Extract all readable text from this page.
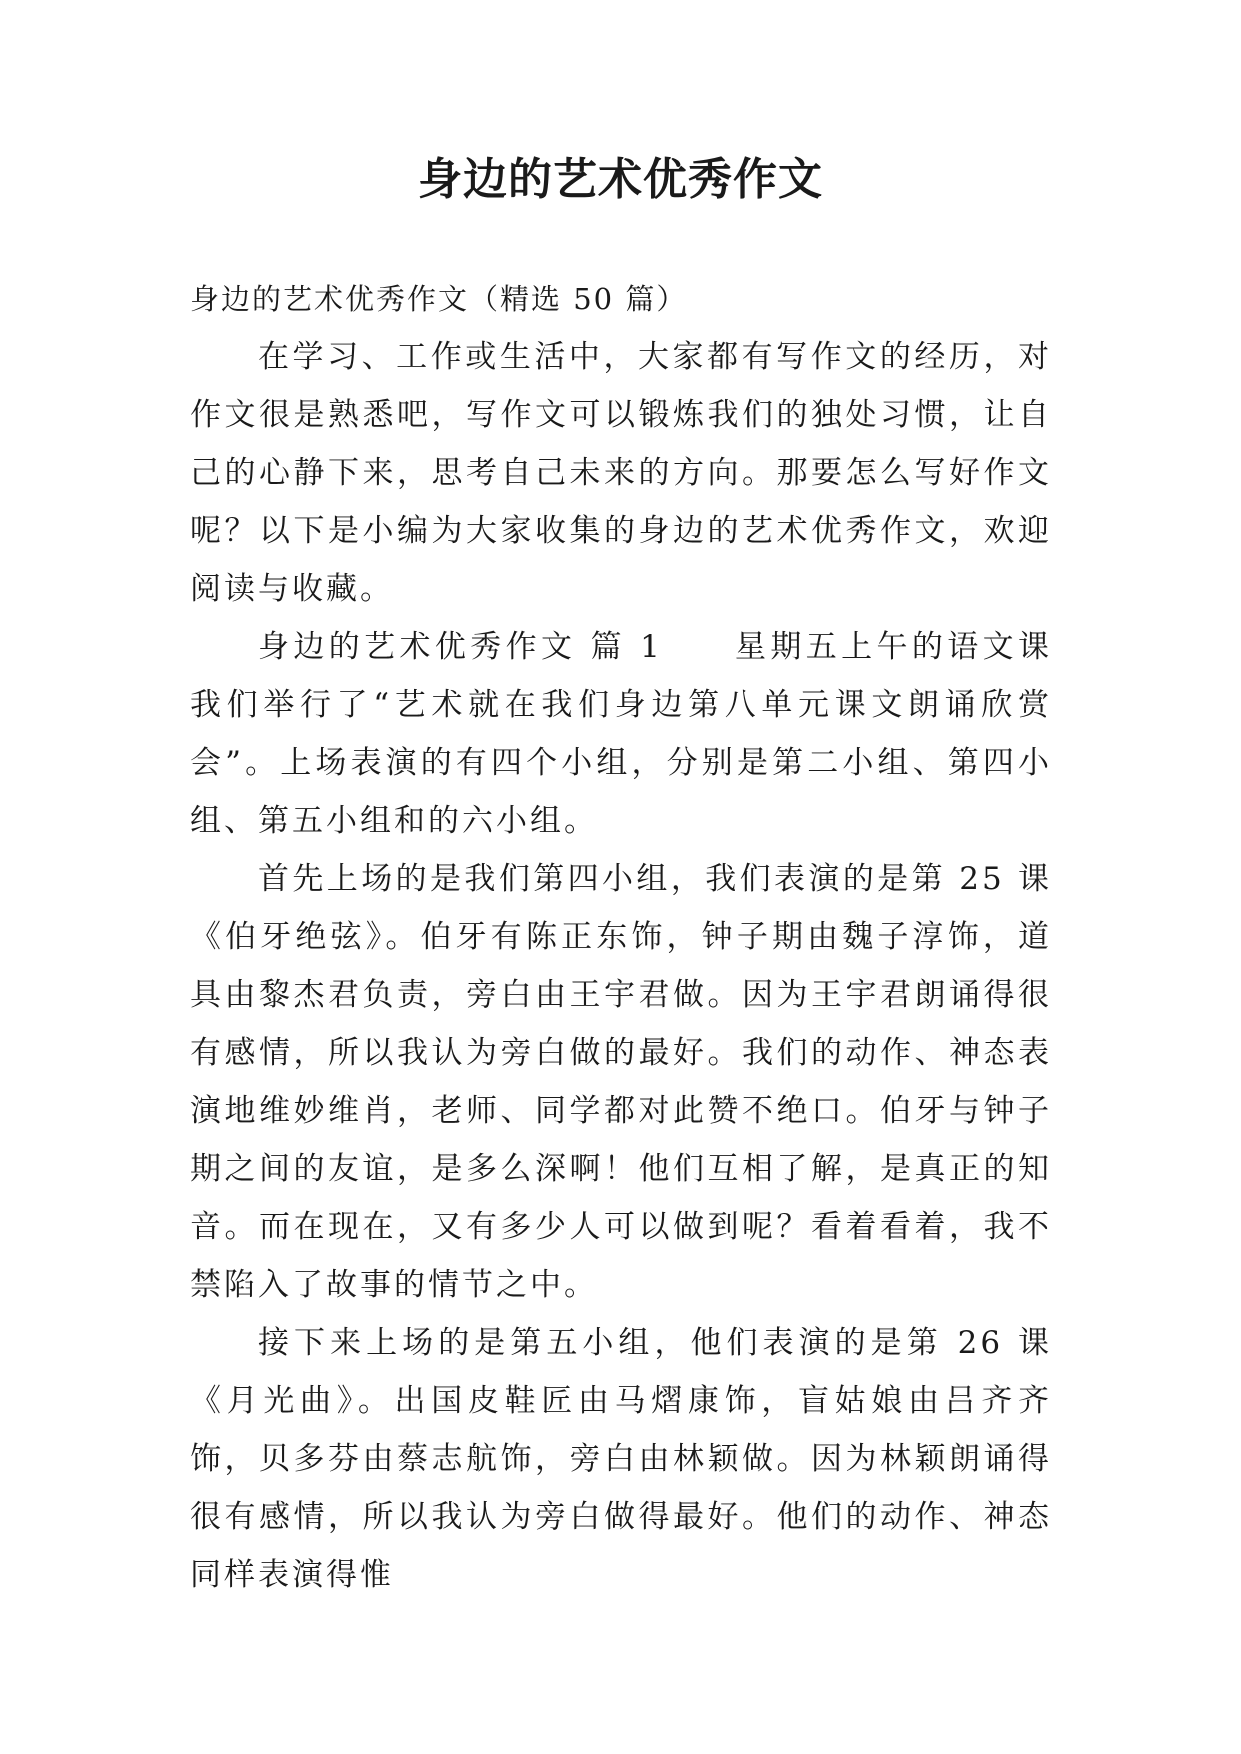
身边的艺术优秀作文

身边的艺术优秀作文（精选 50 篇）

在学习、工作或生活中，大家都有写作文的经历，对作文很是熟悉吧，写作文可以锻炼我们的独处习惯，让自己的心静下来，思考自己未来的方向。那要怎么写好作文呢？以下是小编为大家收集的身边的艺术优秀作文，欢迎阅读与收藏。

身边的艺术优秀作文 篇 1　　星期五上午的语文课我们举行了“艺术就在我们身边第八单元课文朗诵欣赏会”。上场表演的有四个小组，分别是第二小组、第四小组、第五小组和的六小组。

首先上场的是我们第四小组，我们表演的是第 25 课《伯牙绝弦》。伯牙有陈正东饰，钟子期由魏子淳饰，道具由黎杰君负责，旁白由王宇君做。因为王宇君朗诵得很有感情，所以我认为旁白做的最好。我们的动作、神态表演地维妙维肖，老师、同学都对此赞不绝口。伯牙与钟子期之间的友谊，是多么深啊！他们互相了解，是真正的知音。而在现在，又有多少人可以做到呢？看着看着，我不禁陷入了故事的情节之中。

接下来上场的是第五小组，他们表演的是第 26 课《月光曲》。出国皮鞋匠由马熠康饰，盲姑娘由吕齐齐饰，贝多芬由蔡志航饰，旁白由林颖做。因为林颖朗诵得很有感情，所以我认为旁白做得最好。他们的动作、神态同样表演得惟
